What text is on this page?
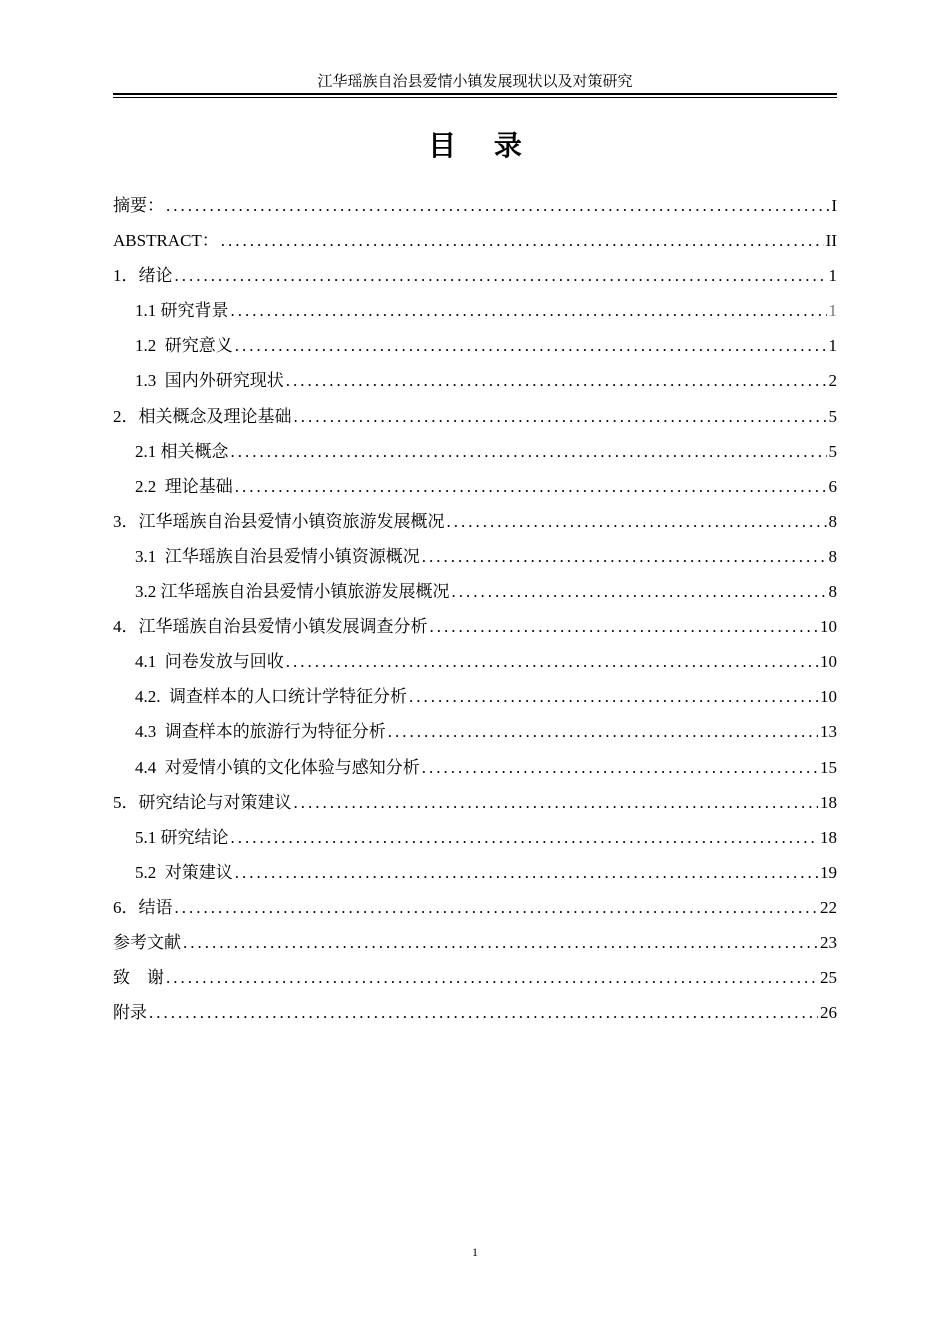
江华瑶族自治县爱情小镇发展现状以及对策研究
目 录
摘要： .....	I
ABSTRACT： .....	II
1．绪论 .....	1
1.1 研究背景 .....	1
1.2  研究意义 .....	1
1.3  国内外研究现状 .....	2
2．相关概念及理论基础 .....	5
2.1 相关概念 .....	5
2.2  理论基础 .....	6
3．江华瑶族自治县爱情小镇资旅游发展概况 .....	8
3.1  江华瑶族自治县爱情小镇资源概况 .....	8
3.2 江华瑶族自治县爱情小镇旅游发展概况 .....	8
4．江华瑶族自治县爱情小镇发展调查分析 .....	10
4.1  问卷发放与回收 .....	10
4.2.  调查样本的人口统计学特征分析 .....	10
4.3  调查样本的旅游行为特征分析 .....	13
4.4  对爱情小镇的文化体验与感知分析 .....	15
5．研究结论与对策建议 .....	18
5.1 研究结论 .....	18
5.2  对策建议 .....	19
6．结语 .....	22
参考文献 .....	23
致    谢 .....	25
附录 .....	26
1
